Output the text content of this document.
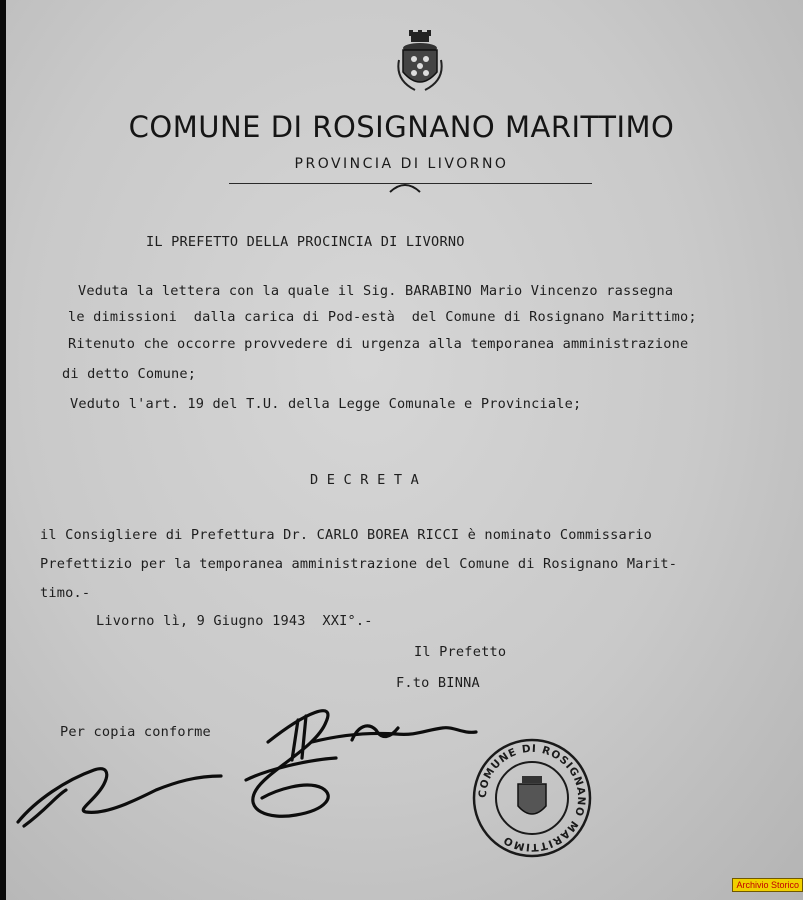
COMUNE DI ROSIGNANO MARITTIMO
PROVINCIA DI LIVORNO
IL PREFETTO DELLA PROCINCIA DI LIVORNO
Veduta la lettera con la quale il Sig. BARABINO Mario Vincenzo rassegna
le dimissioni  dalla carica di Pod-està  del Comune di Rosignano Marittimo;
Ritenuto che occorre provvedere di urgenza alla temporanea amministrazione
di detto Comune;
Veduto l'art. 19 del T.U. della Legge Comunale e Provinciale;
D E C R E T A
il Consigliere di Prefettura Dr. CARLO BOREA RICCI è nominato Commissario
Prefettizio per la temporanea amministrazione del Comune di Rosignano Marit-
timo.-
Livorno lì, 9 Giugno 1943  XXI°.-
Il Prefetto
F.to BINNA
Per copia conforme
COMUNE DI ROSIGNANO MARITTIMO
Archivio Storico
